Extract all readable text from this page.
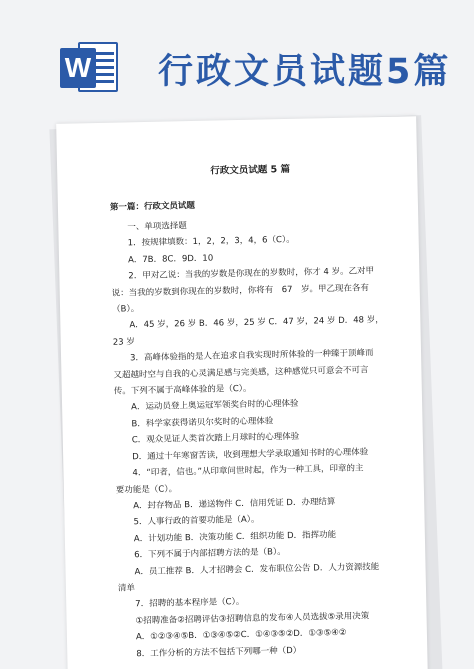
W 行政文员试题5篇
行政文员试题 5 篇
第一篇：行政文员试题
一、单项选择题
1．按规律填数：1，2，2，3，4，6（C）。
A．7B．8C．9D．10
2．甲对乙说：当我的岁数是你现在的岁数时，你才 4 岁。乙对甲
说：当我的岁数到你现在的岁数时，你将有　67　岁。甲乙现在各有
（B）。
A．45 岁，26 岁 B．46 岁，25 岁 C．47 岁，24 岁 D．48 岁，
23 岁
3．高峰体验指的是人在追求自我实现时所体验的一种臻于顶峰而
又超越时空与自我的心灵满足感与完美感，这种感觉只可意会不可言
传。下列不属于高峰体验的是（C）。
A．运动员登上奥运冠军领奖台时的心理体验
B．科学家获得诺贝尔奖时的心理体验
C．观众见证人类首次踏上月球时的心理体验
D．通过十年寒窗苦读，收到理想大学录取通知书时的心理体验
4．“印者，信也。”从印章问世时起，作为一种工具，印章的主
要功能是（C）。
A．封存物品 B．递送物件 C．信用凭证 D．办理结算
5．人事行政的首要功能是（A）。
A．计划功能 B．决策功能 C．组织功能 D．指挥功能
6．下列不属于内部招聘方法的是（B）。
A．员工推荐 B．人才招聘会 C．发布职位公告 D．人力资源技能
清单
7．招聘的基本程序是（C）。
①招聘准备②招聘评估③招聘信息的发布④人员选拔⑤录用决策
A．①②③④⑤B．①③④⑤②C．①④③⑤②D．①③⑤④②
8．工作分析的方法不包括下列哪一种（D）
